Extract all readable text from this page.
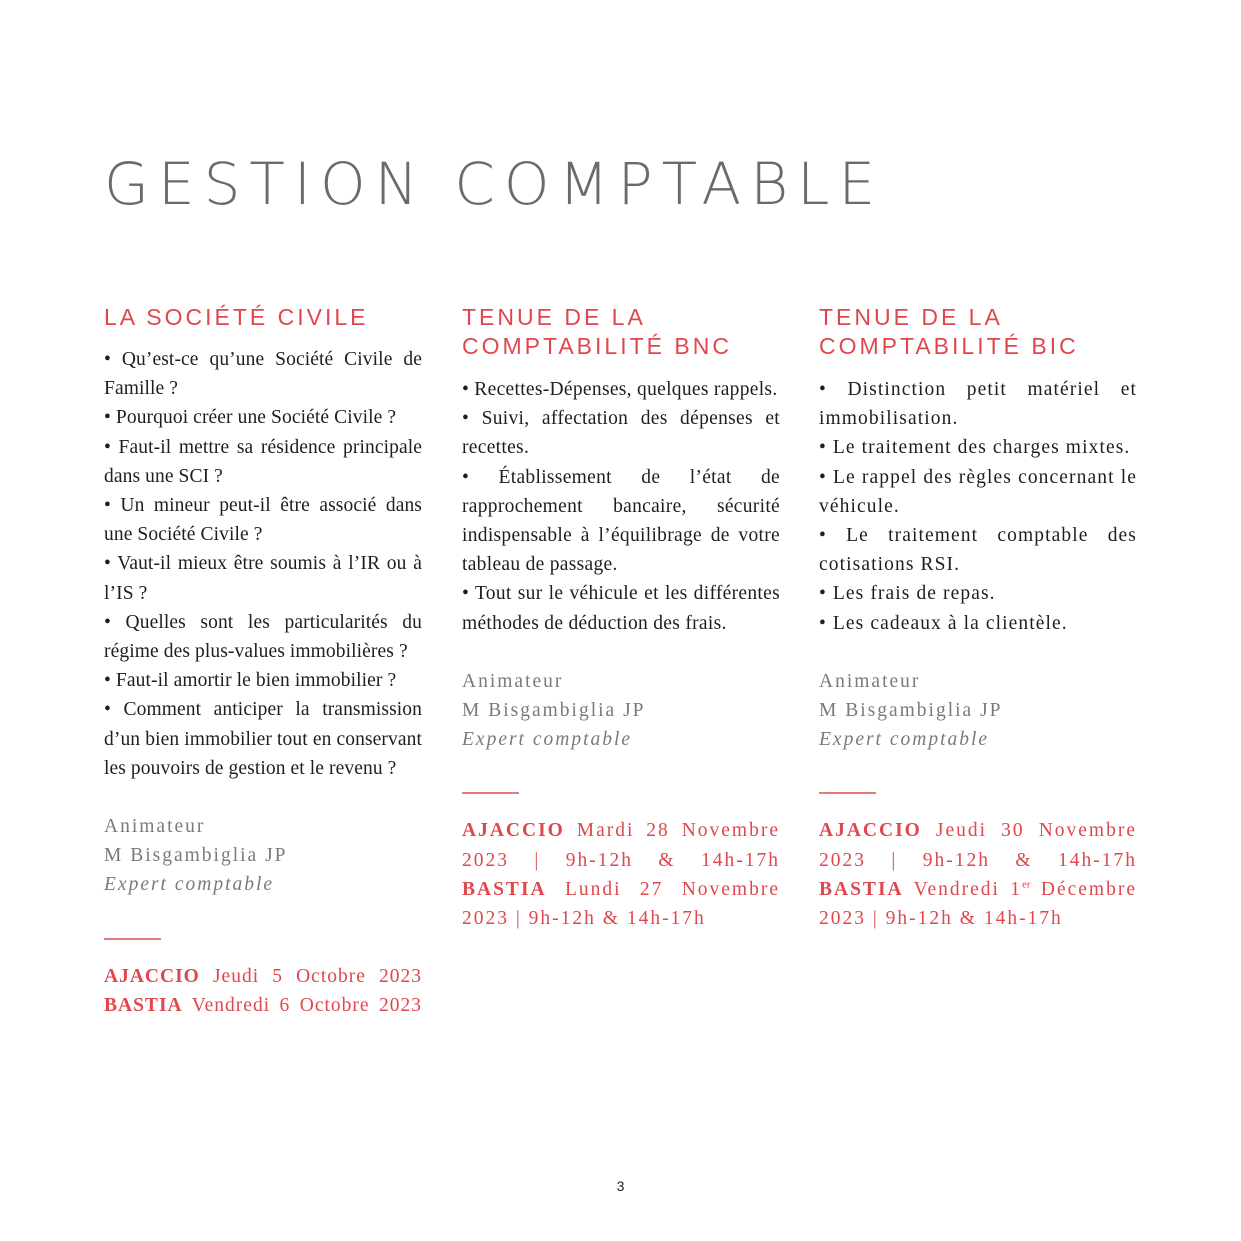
GESTION COMPTABLE
LA SOCIÉTÉ CIVILE
• Qu’est-ce qu’une Société Civile de Famille ?
• Pourquoi créer une Société Civile ?
• Faut-il mettre sa résidence principale dans une SCI ?
• Un mineur peut-il être associé dans une Société Civile ?
• Vaut-il mieux être soumis à l’IR ou à l’IS ?
• Quelles sont les particularités du régime des plus-values immobilières ?
• Faut-il amortir le bien immobilier ?
• Comment anticiper la transmission d’un bien immobilier tout en conservant les pouvoirs de gestion et le revenu ?
Animateur
M Bisgambiglia JP
Expert comptable

AJACCIO Jeudi 5 Octobre 2023

BASTIA Vendredi 6 Octobre 2023

TENUE DE LA
COMPTABILITÉ BNC
• Recettes-Dépenses, quelques rappels.
• Suivi, affectation des dépenses et recettes.
• Établissement de l’état de rapprochement bancaire, sécurité indispensable à l’équilibrage de votre tableau de passage.
• Tout sur le véhicule et les différentes méthodes de déduction des frais.
Animateur
M Bisgambiglia JP
Expert comptable

AJACCIO Mardi 28 Novembre 2023 | 9h-12h & 14h-17h

BASTIA Lundi 27 Novembre 2023 | 9h-12h & 14h-17h

TENUE DE LA
COMPTABILITÉ BIC
• Distinction petit matériel et immobilisation.
• Le traitement des charges mixtes.
• Le rappel des règles concernant le véhicule.
• Le traitement comptable des cotisations RSI.
• Les frais de repas.
• Les cadeaux à la clientèle.
Animateur
M Bisgambiglia JP
Expert comptable

AJACCIO Jeudi 30 Novembre 2023 | 9h-12h & 14h-17h

BASTIA Vendredi 1er Décembre 2023 | 9h-12h & 14h-17h

3
